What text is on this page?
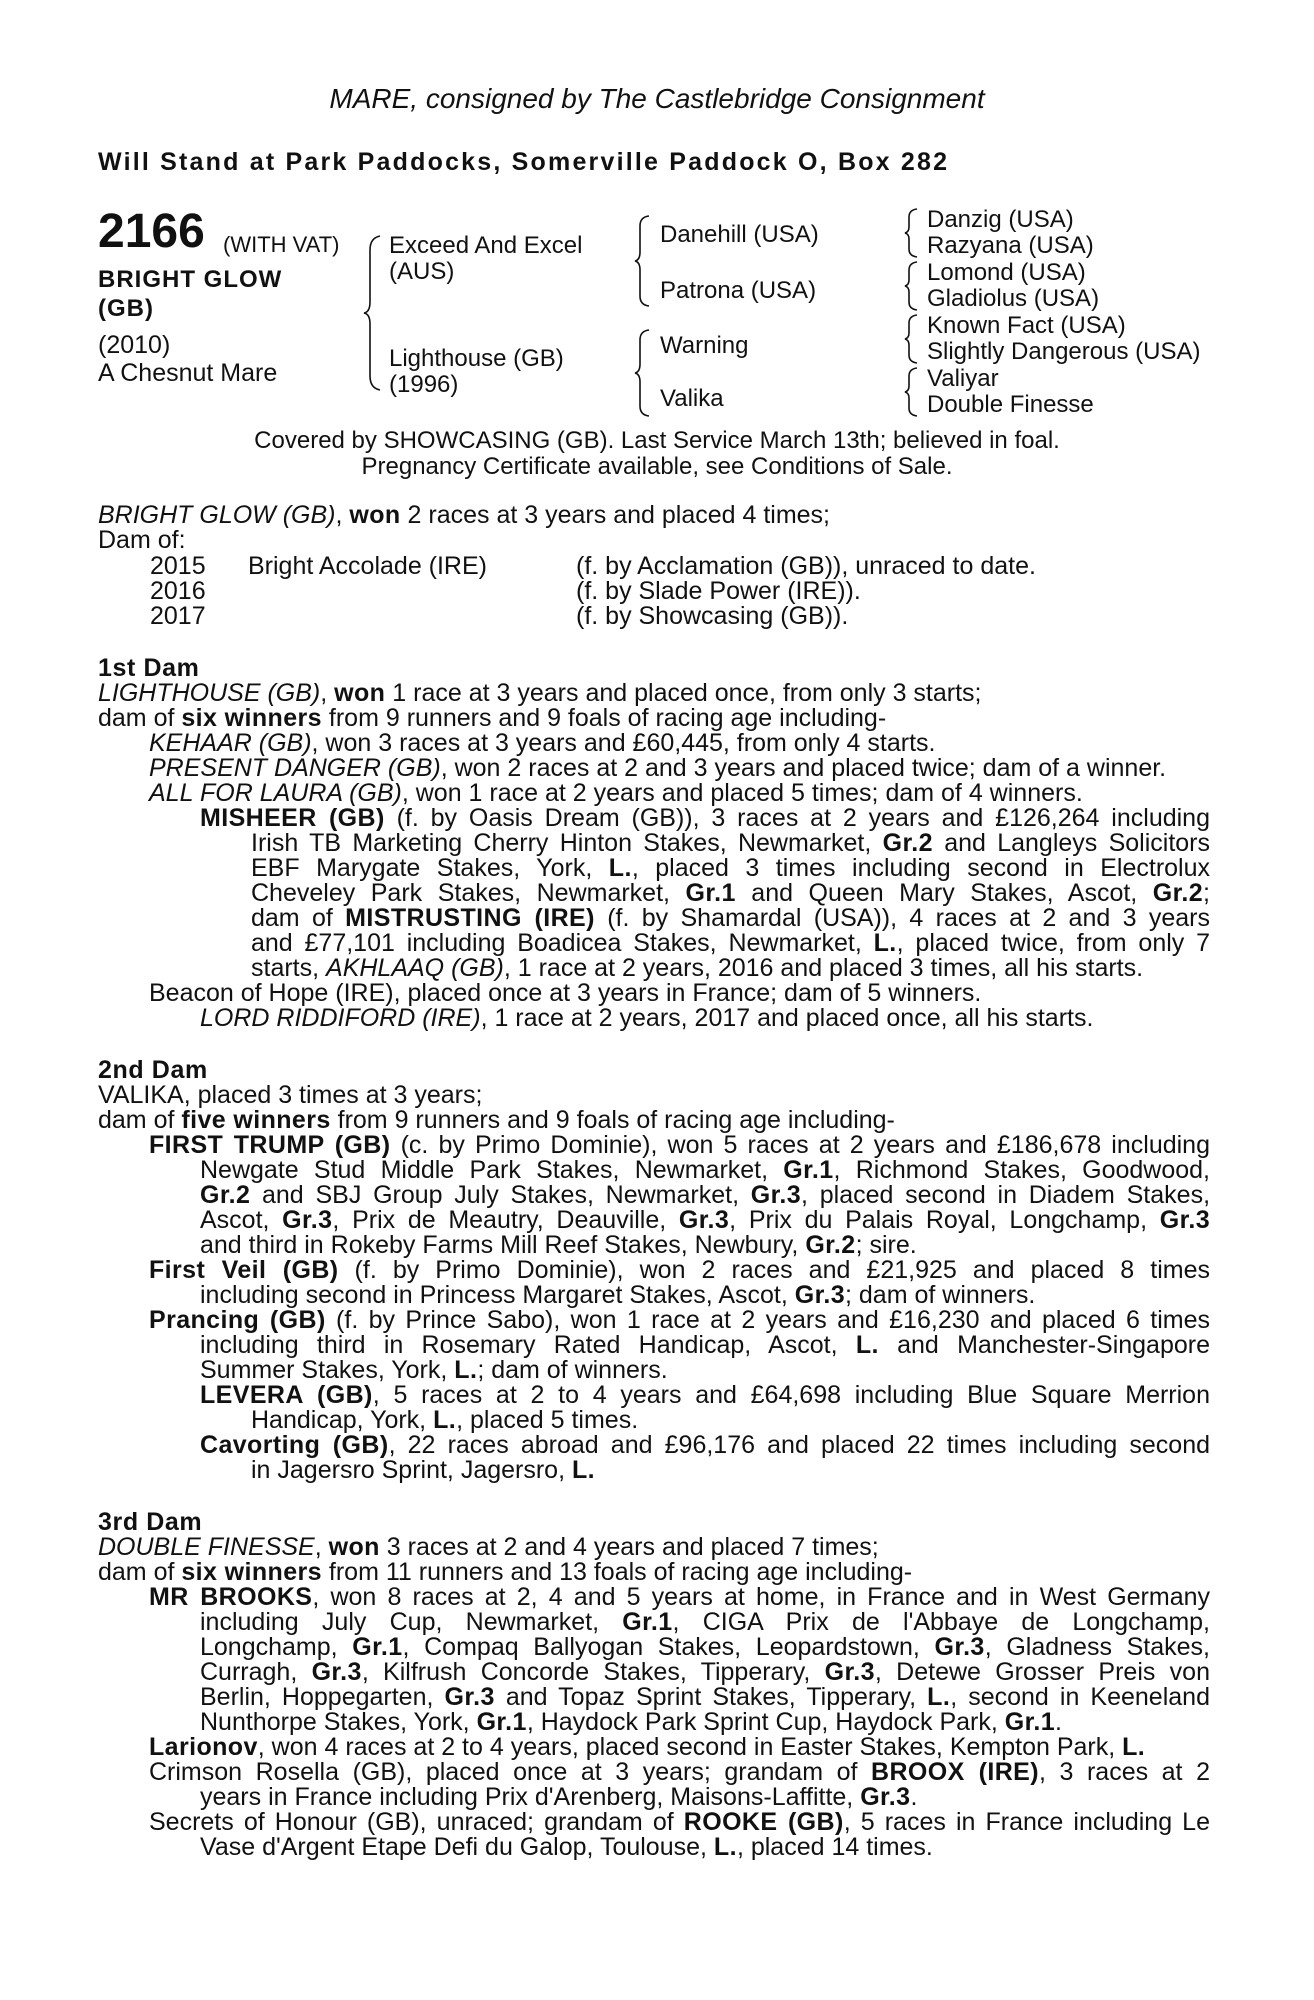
MARE, consigned by The Castlebridge Consignment
Will Stand at Park Paddocks, Somerville Paddock O, Box 282
2166 (WITH VAT)
BRIGHT GLOW
(GB)
(2010)
A Chesnut Mare
Exceed And Excel
(AUS)
Lighthouse (GB)
(1996)
Danehill (USA)
Patrona (USA)
Warning
Valika
Danzig (USA)
Razyana (USA)
Lomond (USA)
Gladiolus (USA)
Known Fact (USA)
Slightly Dangerous (USA)
Valiyar
Double Finesse
Covered by SHOWCASING (GB). Last Service March 13th; believed in foal.
Pregnancy Certificate available, see Conditions of Sale.
BRIGHT GLOW (GB), won 2 races at 3 years and placed 4 times;
Dam of:
2015 Bright Accolade (IRE)	(f. by Acclamation (GB)), unraced to date.
2016	(f. by Slade Power (IRE)).
2017	(f. by Showcasing (GB)).
1st Dam
LIGHTHOUSE (GB), won 1 race at 3 years and placed once, from only 3 starts;
dam of six winners from 9 runners and 9 foals of racing age including-
KEHAAR (GB), won 3 races at 3 years and £60,445, from only 4 starts.
PRESENT DANGER (GB), won 2 races at 2 and 3 years and placed twice; dam of a winner.
ALL FOR LAURA (GB), won 1 race at 2 years and placed 5 times; dam of 4 winners.
MISHEER (GB) (f. by Oasis Dream (GB)), 3 races at 2 years and £126,264 including
Irish TB Marketing Cherry Hinton Stakes, Newmarket, Gr.2 and Langleys Solicitors
EBF Marygate Stakes, York, L., placed 3 times including second in Electrolux
Cheveley Park Stakes, Newmarket, Gr.1 and Queen Mary Stakes, Ascot, Gr.2;
dam of MISTRUSTING (IRE) (f. by Shamardal (USA)), 4 races at 2 and 3 years
and £77,101 including Boadicea Stakes, Newmarket, L., placed twice, from only 7
starts, AKHLAAQ (GB), 1 race at 2 years, 2016 and placed 3 times, all his starts.
Beacon of Hope (IRE), placed once at 3 years in France; dam of 5 winners.
LORD RIDDIFORD (IRE), 1 race at 2 years, 2017 and placed once, all his starts.
2nd Dam
VALIKA, placed 3 times at 3 years;
dam of five winners from 9 runners and 9 foals of racing age including-
FIRST TRUMP (GB) (c. by Primo Dominie), won 5 races at 2 years and £186,678 including
Newgate Stud Middle Park Stakes, Newmarket, Gr.1, Richmond Stakes, Goodwood,
Gr.2 and SBJ Group July Stakes, Newmarket, Gr.3, placed second in Diadem Stakes,
Ascot, Gr.3, Prix de Meautry, Deauville, Gr.3, Prix du Palais Royal, Longchamp, Gr.3
and third in Rokeby Farms Mill Reef Stakes, Newbury, Gr.2; sire.
First Veil (GB) (f. by Primo Dominie), won 2 races and £21,925 and placed 8 times
including second in Princess Margaret Stakes, Ascot, Gr.3; dam of winners.
Prancing (GB) (f. by Prince Sabo), won 1 race at 2 years and £16,230 and placed 6 times
including third in Rosemary Rated Handicap, Ascot, L. and Manchester-Singapore
Summer Stakes, York, L.; dam of winners.
LEVERA (GB), 5 races at 2 to 4 years and £64,698 including Blue Square Merrion
Handicap, York, L., placed 5 times.
Cavorting (GB), 22 races abroad and £96,176 and placed 22 times including second
in Jagersro Sprint, Jagersro, L.
3rd Dam
DOUBLE FINESSE, won 3 races at 2 and 4 years and placed 7 times;
dam of six winners from 11 runners and 13 foals of racing age including-
MR BROOKS, won 8 races at 2, 4 and 5 years at home, in France and in West Germany
including July Cup, Newmarket, Gr.1, CIGA Prix de l'Abbaye de Longchamp,
Longchamp, Gr.1, Compaq Ballyogan Stakes, Leopardstown, Gr.3, Gladness Stakes,
Curragh, Gr.3, Kilfrush Concorde Stakes, Tipperary, Gr.3, Detewe Grosser Preis von
Berlin, Hoppegarten, Gr.3 and Topaz Sprint Stakes, Tipperary, L., second in Keeneland
Nunthorpe Stakes, York, Gr.1, Haydock Park Sprint Cup, Haydock Park, Gr.1.
Larionov, won 4 races at 2 to 4 years, placed second in Easter Stakes, Kempton Park, L.
Crimson Rosella (GB), placed once at 3 years; grandam of BROOX (IRE), 3 races at 2
years in France including Prix d'Arenberg, Maisons-Laffitte, Gr.3.
Secrets of Honour (GB), unraced; grandam of ROOKE (GB), 5 races in France including Le
Vase d'Argent Etape Defi du Galop, Toulouse, L., placed 14 times.
